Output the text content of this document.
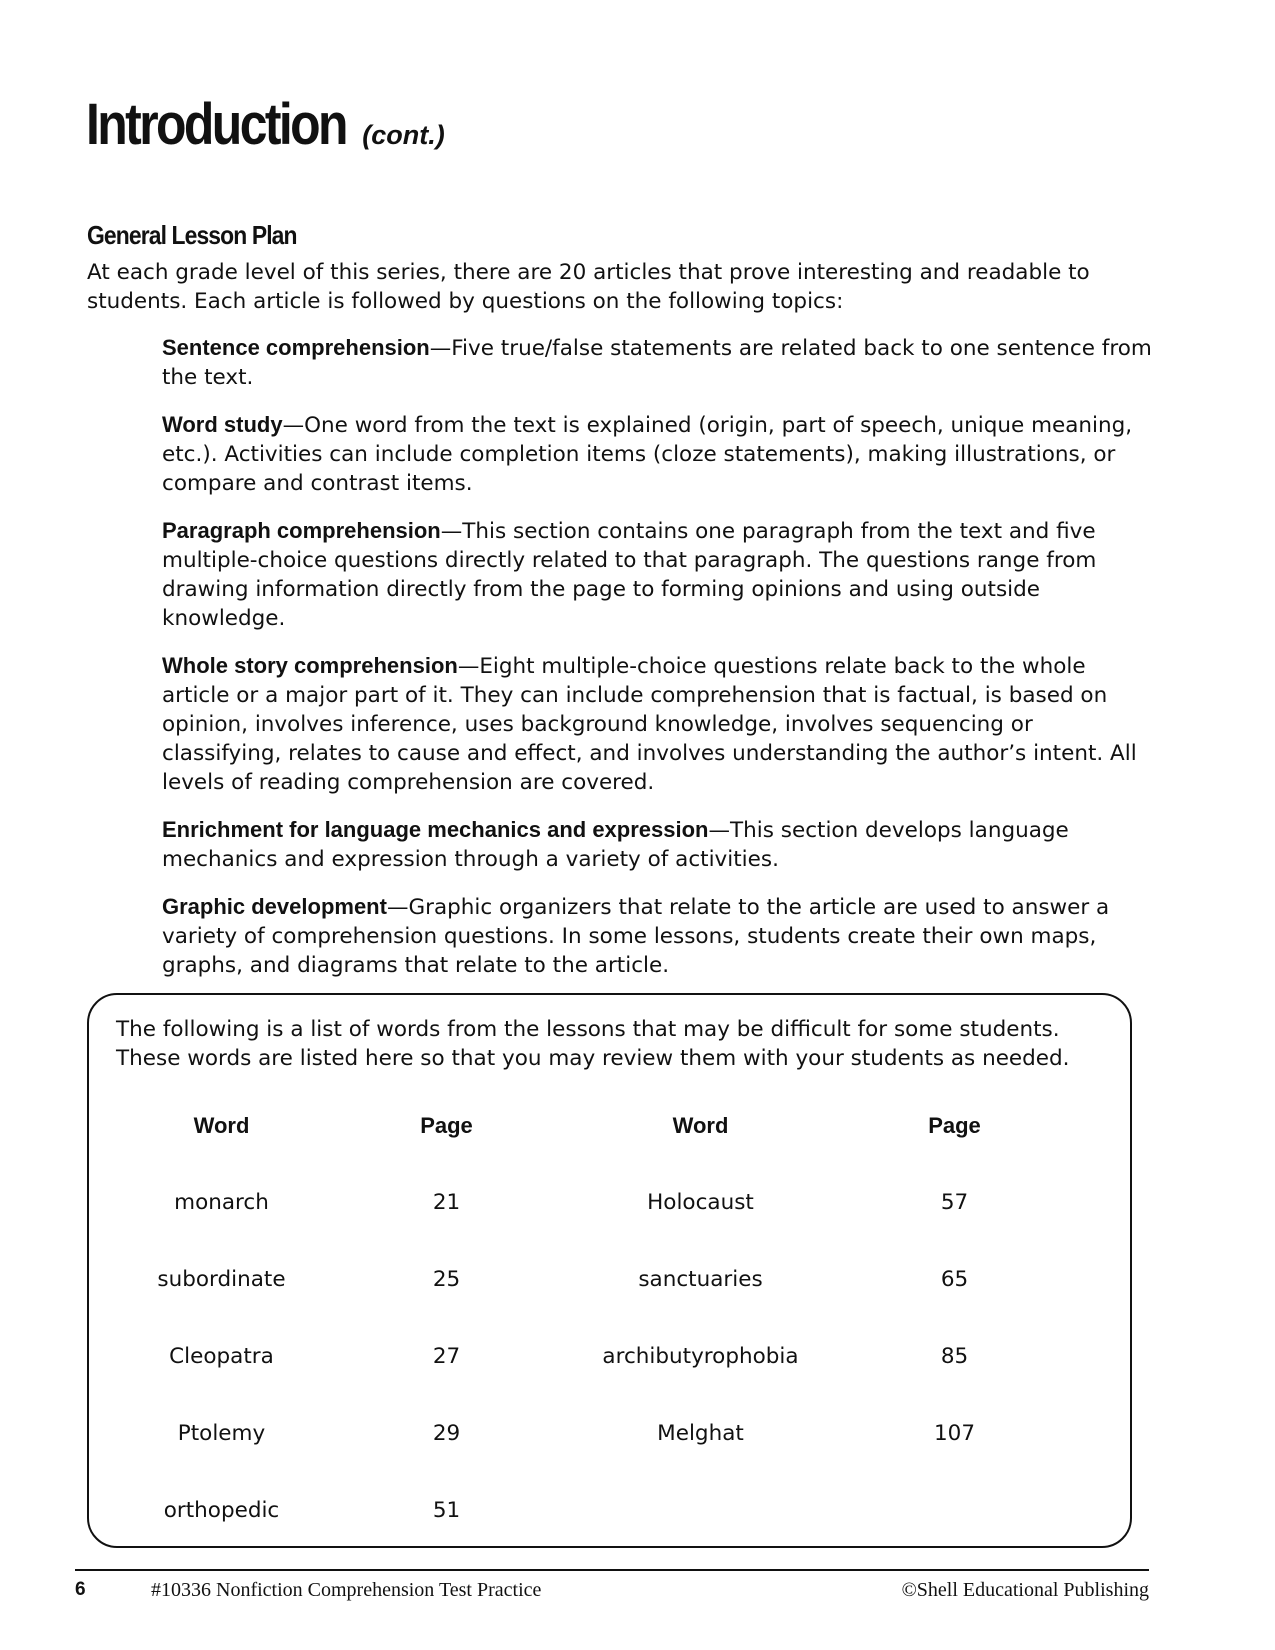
Introduction (cont.)
General Lesson Plan

At each grade level of this series, there are 20 articles that prove interesting and readable to students. Each article is followed by questions on the following topics:

Sentence comprehension—Five true/false statements are related back to one sentence from the text.
Word study—One word from the text is explained (origin, part of speech, unique meaning, etc.). Activities can include completion items (cloze statements), making illustrations, or compare and contrast items.
Paragraph comprehension—This section contains one paragraph from the text and five multiple-choice questions directly related to that paragraph. The questions range from drawing information directly from the page to forming opinions and using outside knowledge.
Whole story comprehension—Eight multiple-choice questions relate back to the whole article or a major part of it. They can include comprehension that is factual, is based on opinion, involves inference, uses background knowledge, involves sequencing or classifying, relates to cause and effect, and involves understanding the author’s intent. All levels of reading comprehension are covered.
Enrichment for language mechanics and expression—This section develops language mechanics and expression through a variety of activities.
Graphic development—Graphic organizers that relate to the article are used to answer a variety of comprehension questions. In some lessons, students create their own maps, graphs, and diagrams that relate to the article.

The following is a list of words from the lessons that may be difficult for some students. These words are listed here so that you may review them with your students as needed.

Word	Page	Word	Page
monarch	21	Holocaust	57
subordinate	25	sanctuaries	65
Cleopatra	27	archibutyrophobia	85
Ptolemy	29	Melghat	107
orthopedic	51
6	#10336 Nonfiction Comprehension Test Practice	©Shell Educational Publishing
